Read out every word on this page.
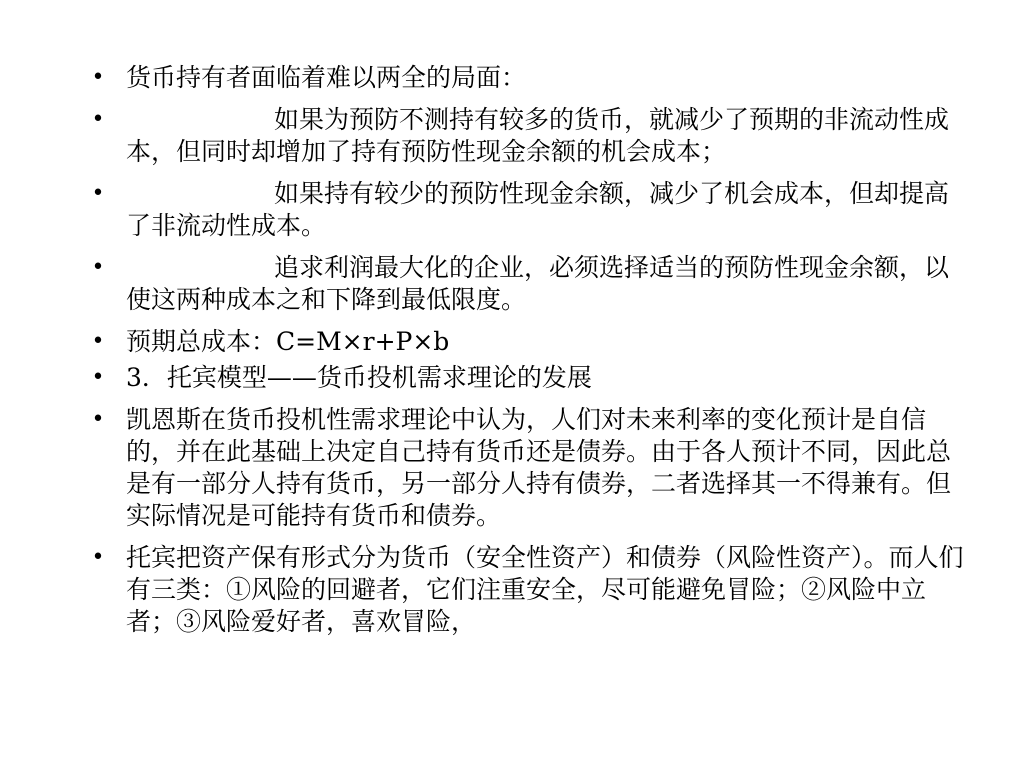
• 货币持有者面临着难以两全的局面：
•	如果为预防不测持有较多的货币，就减少了预期的非流动性成本，但同时却增加了持有预防性现金余额的机会成本；
•	如果持有较少的预防性现金余额，减少了机会成本，但却提高了非流动性成本。
•	追求利润最大化的企业，必须选择适当的预防性现金余额，以使这两种成本之和下降到最低限度。
• 预期总成本：C=M×r+P×b
• 3．托宾模型——货币投机需求理论的发展
• 凯恩斯在货币投机性需求理论中认为，人们对未来利率的变化预计是自信的，并在此基础上决定自己持有货币还是债券。由于各人预计不同，因此总是有一部分人持有货币，另一部分人持有债券，二者选择其一不得兼有。但实际情况是可能持有货币和债券。
• 托宾把资产保有形式分为货币（安全性资产）和债券（风险性资产）。而人们有三类：①风险的回避者，它们注重安全，尽可能避免冒险；②风险中立者；③风险爱好者，喜欢冒险，
